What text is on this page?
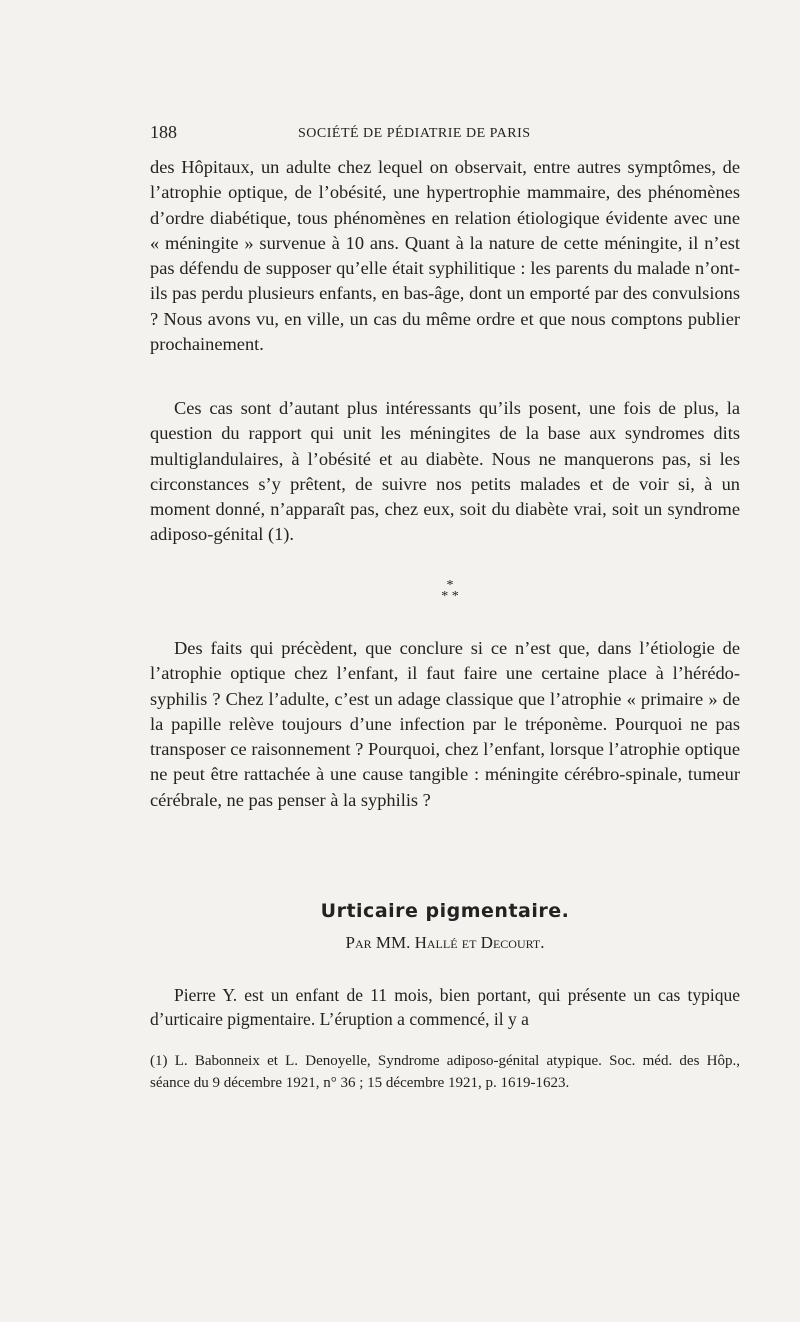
188	SOCIÉTÉ DE PÉDIATRIE DE PARIS

des Hôpitaux, un adulte chez lequel on observait, entre autres symptômes, de l’atrophie optique, de l’obésité, une hypertrophie mammaire, des phénomènes d’ordre diabétique, tous phénomènes en relation étiologique évidente avec une « méningite » survenue à 10 ans. Quant à la nature de cette méningite, il n’est pas défendu de supposer qu’elle était syphilitique : les parents du malade n’ont-ils pas perdu plusieurs enfants, en bas-âge, dont un emporté par des convulsions ? Nous avons vu, en ville, un cas du même ordre et que nous comptons publier prochainement.

Ces cas sont d’autant plus intéressants qu’ils posent, une fois de plus, la question du rapport qui unit les méningites de la base aux syndromes dits multiglandulaires, à l’obésité et au diabète. Nous ne manquerons pas, si les circonstances s’y prêtent, de suivre nos petits malades et de voir si, à un moment donné, n’apparaît pas, chez eux, soit du diabète vrai, soit un syndrome adiposo-génital (1).

*
* *

Des faits qui précèdent, que conclure si ce n’est que, dans l’étiologie de l’atrophie optique chez l’enfant, il faut faire une certaine place à l’hérédo-syphilis ? Chez l’adulte, c’est un adage classique que l’atrophie « primaire » de la papille relève toujours d’une infection par le tréponème. Pourquoi ne pas transposer ce raisonnement ? Pourquoi, chez l’enfant, lorsque l’atrophie optique ne peut être rattachée à une cause tangible : méningite cérébro-spinale, tumeur cérébrale, ne pas penser à la syphilis ?

Urticaire pigmentaire.
Par MM. Hallé et Decourt.

Pierre Y. est un enfant de 11 mois, bien portant, qui présente un cas typique d’urticaire pigmentaire. L’éruption a commencé, il y a

(1) L. Babonneix et L. Denoyelle, Syndrome adiposo-génital atypique. Soc. méd. des Hôp., séance du 9 décembre 1921, n° 36 ; 15 décembre 1921, p. 1619-1623.
